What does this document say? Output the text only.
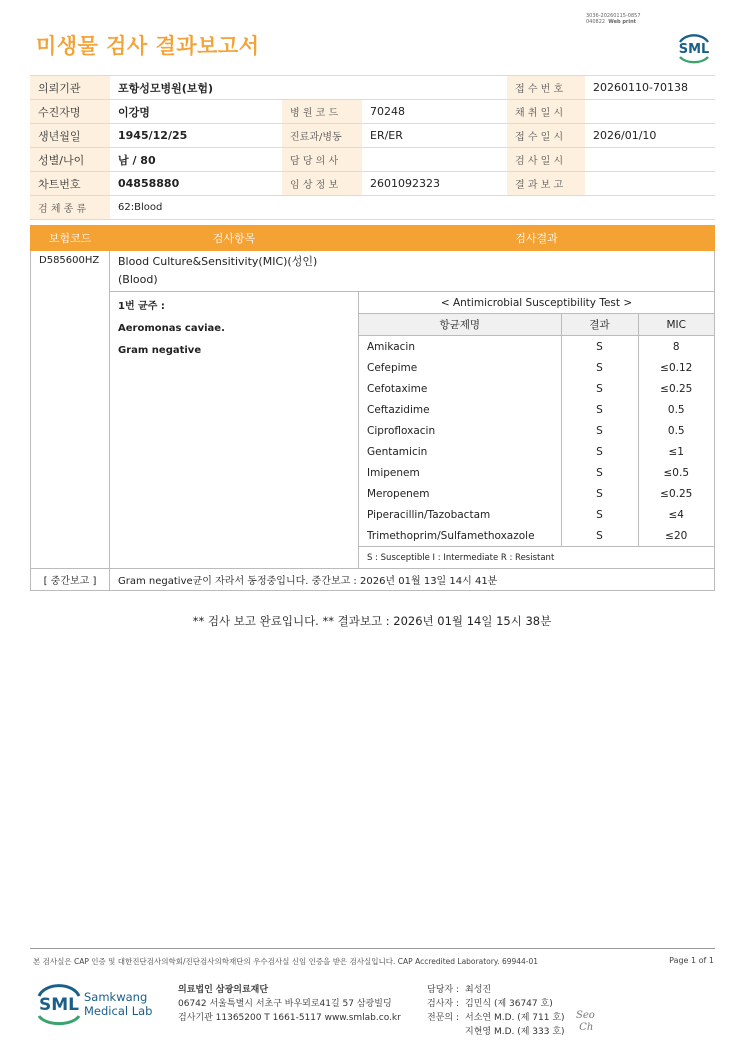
미생물 검사 결과보고서
3036-20260115-0857
040822 Web print
SML
의뢰기관	포항성모병원(보험)			접 수 번 호	20260110-70138
수진자명	이강명	병 원 코 드	70248	채 취 일 시	
생년월일	1945/12/25	진료과/병동	ER/ER	접 수 일 시	2026/01/10
성별/나이	남 / 80	담 당 의 사		검 사 일 시	
차트번호	04858880	임 상 정 보	2601092323	결 과 보 고	
검 체 종 류	62:Blood				
보험코드	검사항목	검사결과
D585600HZ	Blood Culture&Sensitivity(MIC)(성인)
(Blood)

1번 균주 :
Aeromonas caviae.
Gram negative

< Antimicrobial Susceptibility Test >
항균제명	결과	MIC
Amikacin	S	8
Cefepime	S	≤0.12
Cefotaxime	S	≤0.25
Ceftazidime	S	0.5
Ciprofloxacin	S	0.5
Gentamicin	S	≤1
Imipenem	S	≤0.5
Meropenem	S	≤0.25
Piperacillin/Tazobactam	S	≤4
Trimethoprim/Sulfamethoxazole	S	≤20
S : Susceptible I : Intermediate R : Resistant

[ 중간보고 ]	Gram negative균이 자라서 동정중입니다. 중간보고 : 2026년 01월 13일 14시 41분
** 검사 보고 완료입니다. ** 결과보고 : 2026년 01월 14일 15시 38분
본 검사실은 CAP 인증 및 대한진단검사의학회/진단검사의학재단의 우수검사실 신임 인증을 받은 검사실입니다. CAP Accredited Laboratory. 69944-01	Page 1 of 1
SML Samkwang
Medical Lab
의료법인 삼광의료재단
06742 서울특별시 서초구 바우뫼로41길 57 삼광빌딩
검사기관 11365200 T 1661-5117 www.smlab.co.kr
담당자 : 최성진
검사자 : 김민식 (제 36747 호)
전문의 : 서소연 M.D. (제 711 호)
지현영 M.D. (제 333 호)
Seo
Ch
